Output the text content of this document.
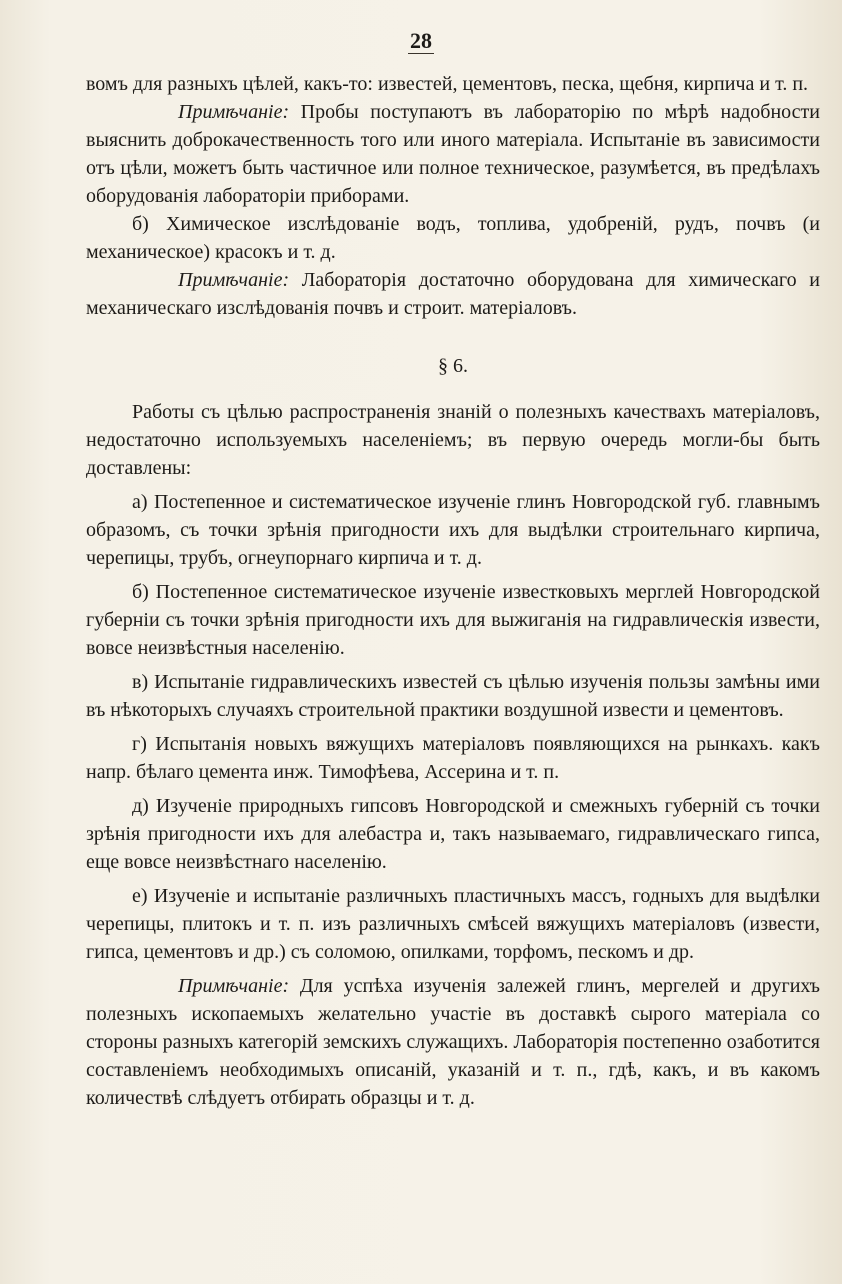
28

вомъ для разныхъ цѣлей, какъ-то: известей, цементовъ, песка, щебня, кирпича и т. п.

Примѣчаніе: Пробы поступаютъ въ лабораторію по мѣрѣ надобности выяснить доброкачественность того или иного матеріала. Испытаніе въ зависимости отъ цѣли, можетъ быть частичное или полное техническое, разумѣется, въ предѣлахъ оборудованія лабораторіи приборами.

б) Химическое изслѣдованіе водъ, топлива, удобреній, рудъ, почвъ (и механическое) красокъ и т. д.

Примѣчаніе: Лабораторія достаточно оборудована для химическаго и механическаго изслѣдованія почвъ и строит. матеріаловъ.

§ 6.

Работы съ цѣлью распространенія знаній о полезныхъ качествахъ матеріаловъ, недостаточно используемыхъ населеніемъ; въ первую очередь могли-бы быть доставлены:

а) Постепенное и систематическое изученіе глинъ Новгородской губ. главнымъ образомъ, съ точки зрѣнія пригодности ихъ для выдѣлки строительнаго кирпича, черепицы, трубъ, огнеупорнаго кирпича и т. д.

б) Постепенное систематическое изученіе известковыхъ мерглей Новгородской губерніи съ точки зрѣнія пригодности ихъ для выжиганія на гидравлическія извести, вовсе неизвѣстныя населенію.

в) Испытаніе гидравлическихъ известей съ цѣлью изученія пользы замѣны ими въ нѣкоторыхъ случаяхъ строительной практики воздушной извести и цементовъ.

г) Испытанія новыхъ вяжущихъ матеріаловъ появляющихся на рынкахъ. какъ напр. бѣлаго цемента инж. Тимофѣева, Ассерина и т. п.

д) Изученіе природныхъ гипсовъ Новгородской и смежныхъ губерній съ точки зрѣнія пригодности ихъ для алебастра и, такъ называемаго, гидравлическаго гипса, еще вовсе неизвѣстнаго населенію.

е) Изученіе и испытаніе различныхъ пластичныхъ массъ, годныхъ для выдѣлки черепицы, плитокъ и т. п. изъ различныхъ смѣсей вяжущихъ матеріаловъ (извести, гипса, цементовъ и др.) съ соломою, опилками, торфомъ, пескомъ и др.

Примѣчаніе: Для успѣха изученія залежей глинъ, мергелей и другихъ полезныхъ ископаемыхъ желательно участіе въ доставкѣ сырого матеріала со стороны разныхъ категорій земскихъ служащихъ. Лабораторія постепенно озаботится составленіемъ необходимыхъ описаній, указаній и т. п., гдѣ, какъ, и въ какомъ количествѣ слѣдуетъ отбирать образцы и т. д.
